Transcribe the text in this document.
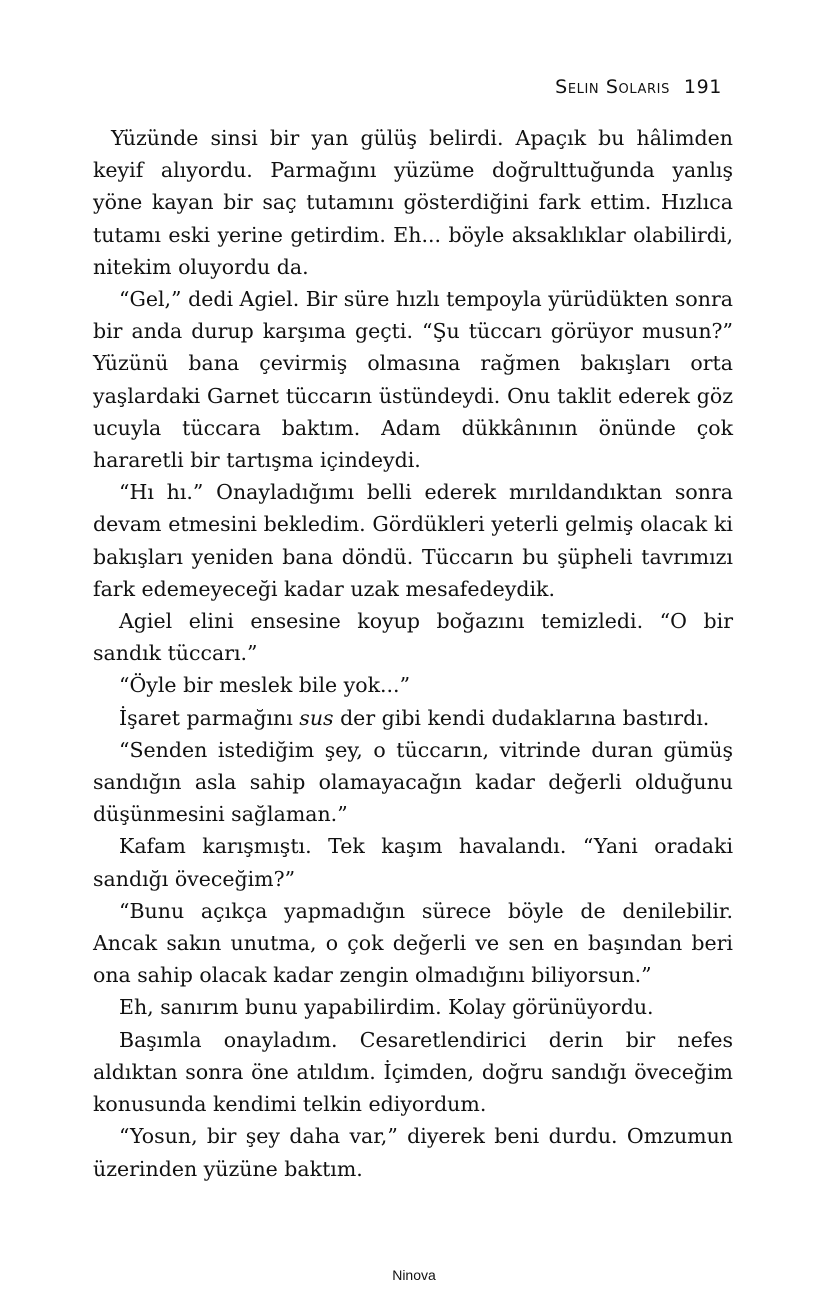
Selin Solaris 191

Yüzünde sinsi bir yan gülüş belirdi. Apaçık bu hâlimden keyif alıyordu. Parmağını yüzüme doğrulttuğunda yanlış yöne kayan bir saç tutamını gösterdiğini fark ettim. Hızlıca tutamı eski yerine getirdim. Eh... böyle aksaklıklar olabilirdi, nitekim oluyordu da.

“Gel,” dedi Agiel. Bir süre hızlı tempoyla yürüdükten sonra bir anda durup karşıma geçti. “Şu tüccarı görüyor musun?” Yüzünü bana çevirmiş olmasına rağmen bakışları orta yaşlardaki Garnet tüccarın üstündeydi. Onu taklit ederek göz ucuyla tüccara baktım. Adam dükkânının önünde çok hararetli bir tartışma içindeydi.

“Hı hı.” Onayladığımı belli ederek mırıldandıktan sonra devam etmesini bekledim. Gördükleri yeterli gelmiş olacak ki bakışları yeniden bana döndü. Tüccarın bu şüpheli tavrımızı fark edemeyeceği kadar uzak mesafedeydik.

Agiel elini ensesine koyup boğazını temizledi. “O bir sandık tüccarı.”

“Öyle bir meslek bile yok...”

İşaret parmağını sus der gibi kendi dudaklarına bastırdı.

“Senden istediğim şey, o tüccarın, vitrinde duran gümüş sandığın asla sahip olamayacağın kadar değerli olduğunu düşünmesini sağlaman.”

Kafam karışmıştı. Tek kaşım havalandı. “Yani oradaki sandığı öveceğim?”

“Bunu açıkça yapmadığın sürece böyle de denilebilir. Ancak sakın unutma, o çok değerli ve sen en başından beri ona sahip olacak kadar zengin olmadığını biliyorsun.”

Eh, sanırım bunu yapabilirdim. Kolay görünüyordu.

Başımla onayladım. Cesaretlendirici derin bir nefes aldıktan sonra öne atıldım. İçimden, doğru sandığı öveceğim konusunda kendimi telkin ediyordum.

“Yosun, bir şey daha var,” diyerek beni durdu. Omzumun üzerinden yüzüne baktım.

Ninova
